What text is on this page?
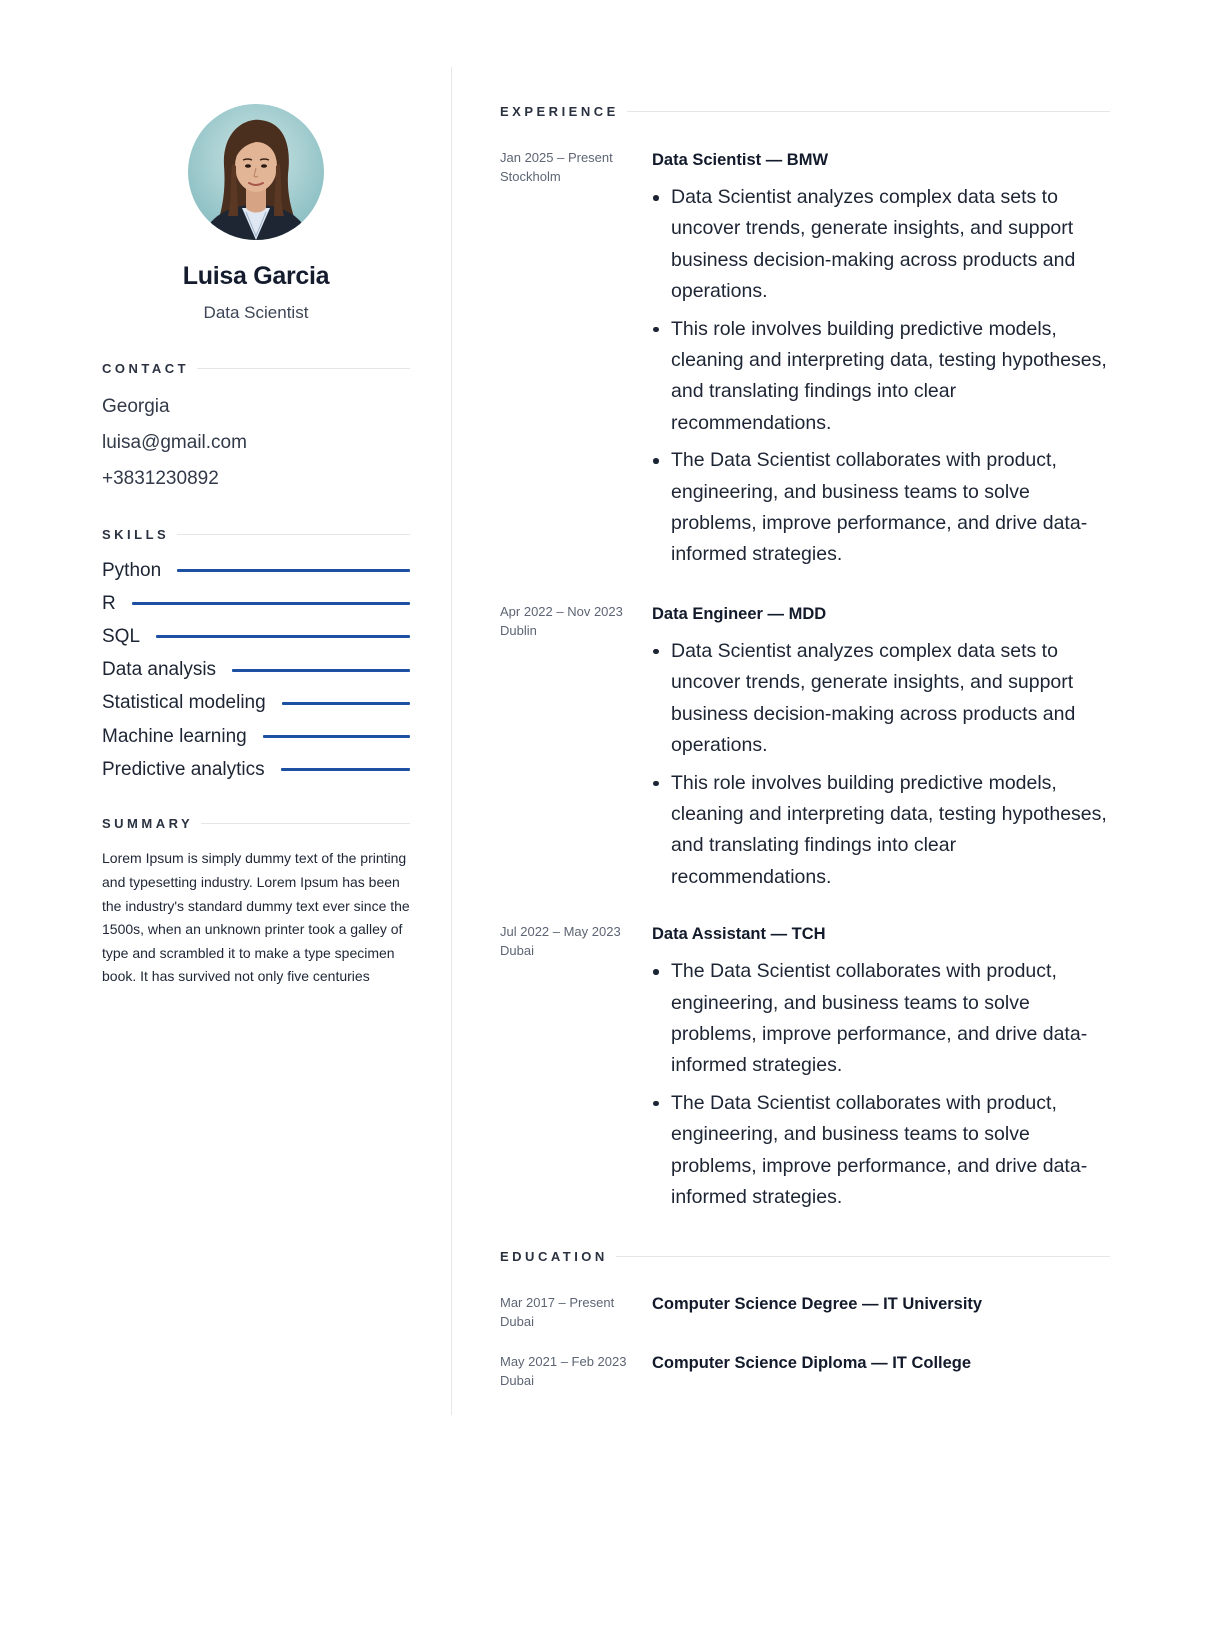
Luisa Garcia
Data Scientist
CONTACT
Georgia
luisa@gmail.com
+3831230892
SKILLS
Python
R
SQL
Data analysis
Statistical modeling
Machine learning
Predictive analytics
SUMMARY
Lorem Ipsum is simply dummy text of the printing and typesetting industry. Lorem Ipsum has been the industry's standard dummy text ever since the 1500s, when an unknown printer took a galley of type and scrambled it to make a type specimen book. It has survived not only five centuries
EXPERIENCE
Jan 2025 – Present
Stockholm
Data Scientist — BMW
Data Scientist analyzes complex data sets to uncover trends, generate insights, and support business decision-making across products and operations.
This role involves building predictive models, cleaning and interpreting data, testing hypotheses, and translating findings into clear recommendations.
The Data Scientist collaborates with product, engineering, and business teams to solve problems, improve performance, and drive data-informed strategies.
Apr 2022 – Nov 2023
Dublin
Data Engineer — MDD
Data Scientist analyzes complex data sets to uncover trends, generate insights, and support business decision-making across products and operations.
This role involves building predictive models, cleaning and interpreting data, testing hypotheses, and translating findings into clear recommendations.
Jul 2022 – May 2023
Dubai
Data Assistant — TCH
The Data Scientist collaborates with product, engineering, and business teams to solve problems, improve performance, and drive data-informed strategies.
The Data Scientist collaborates with product, engineering, and business teams to solve problems, improve performance, and drive data-informed strategies.
EDUCATION
Mar 2017 – Present
Dubai
Computer Science Degree — IT University
May 2021 – Feb 2023
Dubai
Computer Science Diploma — IT College
